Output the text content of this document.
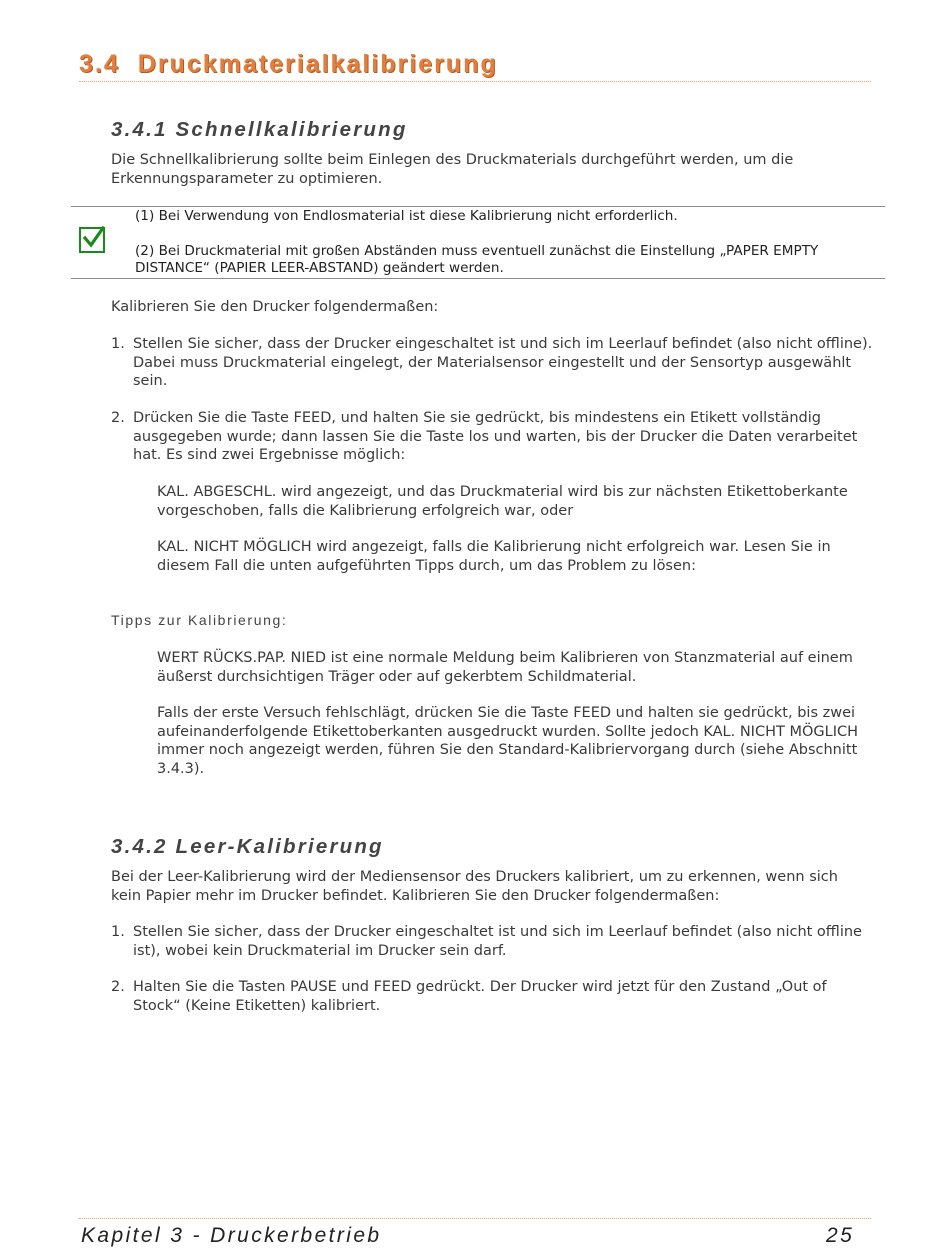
3.4 Druckmaterialkalibrierung
3.4.1 Schnellkalibrierung

Die Schnellkalibrierung sollte beim Einlegen des Druckmaterials durchgeführt werden, um die Erkennungsparameter zu optimieren.

(1) Bei Verwendung von Endlosmaterial ist diese Kalibrierung nicht erforderlich.

(2) Bei Druckmaterial mit großen Abständen muss eventuell zunächst die Einstellung „PAPER EMPTY DISTANCE“ (PAPIER LEER-ABSTAND) geändert werden.

Kalibrieren Sie den Drucker folgendermaßen:

1. Stellen Sie sicher, dass der Drucker eingeschaltet ist und sich im Leerlauf befindet (also nicht offline). Dabei muss Druckmaterial eingelegt, der Materialsensor eingestellt und der Sensortyp ausgewählt sein.
2. Drücken Sie die Taste FEED, und halten Sie sie gedrückt, bis mindestens ein Etikett vollständig ausgegeben wurde; dann lassen Sie die Taste los und warten, bis der Drucker die Daten verarbeitet hat. Es sind zwei Ergebnisse möglich:

KAL. ABGESCHL. wird angezeigt, und das Druckmaterial wird bis zur nächsten Etikettoberkante vorgeschoben, falls die Kalibrierung erfolgreich war, oder

KAL. NICHT MÖGLICH wird angezeigt, falls die Kalibrierung nicht erfolgreich war. Lesen Sie in diesem Fall die unten aufgeführten Tipps durch, um das Problem zu lösen:

Tipps zur Kalibrierung:

WERT RÜCKS.PAP. NIED ist eine normale Meldung beim Kalibrieren von Stanzmaterial auf einem äußerst durchsichtigen Träger oder auf gekerbtem Schildmaterial.

Falls der erste Versuch fehlschlägt, drücken Sie die Taste FEED und halten sie gedrückt, bis zwei aufeinanderfolgende Etikettoberkanten ausgedruckt wurden. Sollte jedoch KAL. NICHT MÖGLICH immer noch angezeigt werden, führen Sie den Standard-Kalibriervorgang durch (siehe Abschnitt 3.4.3).

3.4.2 Leer-Kalibrierung

Bei der Leer-Kalibrierung wird der Mediensensor des Druckers kalibriert, um zu erkennen, wenn sich kein Papier mehr im Drucker befindet. Kalibrieren Sie den Drucker folgendermaßen:

1. Stellen Sie sicher, dass der Drucker eingeschaltet ist und sich im Leerlauf befindet (also nicht offline ist), wobei kein Druckmaterial im Drucker sein darf.
2. Halten Sie die Tasten PAUSE und FEED gedrückt. Der Drucker wird jetzt für den Zustand „Out of Stock“ (Keine Etiketten) kalibriert.
Kapitel 3 - Druckerbetrieb	25
